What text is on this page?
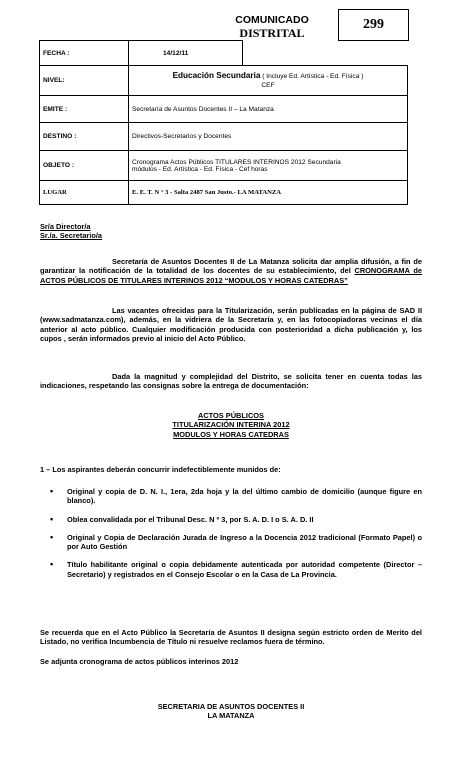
COMUNICADO
DISTRITAL
299
FECHA :	14/12/11	
NIVEL:	Educación Secundaria ( Incluye Ed. Artística - Ed. Física )
CEF	
EMITE :	Secretaría de Asuntos Docentes II – La Matanza	
DESTINO :	Directivos-Secretarios y Docentes	
OBJETO :	Cronograma Actos Públicos TITULARES INTERINOS 2012 Secundaria
módulos - Ed. Artística - Ed. Física - Cef horas	

LUGAR	E. E. T. N ° 3 - Salta 2487 San Justo.- LA MATANZA	
Sr/a Director/a
Sr./a. Secretario/a
Secretaría de Asuntos Docentes II de La Matanza solicita dar amplia difusión, a fin de garantizar la notificación de la totalidad de los docentes de su establecimiento, del CRONOGRAMA de ACTOS PÚBLICOS DE TITULARES INTERINOS 2012 “MODULOS Y HORAS CATEDRAS”
Las vacantes ofrecidas para la Titularización, serán publicadas en la página de SAD II (www.sadmatanza.com), además, en la vidriera de la Secretaría y, en las fotocopiadoras vecinas el día anterior al acto público. Cualquier modificación producida con posterioridad a dicha publicación y, los cupos , serán informados previo al inicio del Acto Público.
Dada la magnitud y complejidad del Distrito, se solicita tener en cuenta todas las indicaciones, respetando las consignas sobre la entrega de documentación:
ACTOS PÚBLICOS
TITULARIZACIÓN INTERINA 2012
MODULOS Y HORAS CATEDRAS
1 – Los aspirantes deberán concurrir indefectiblemente munidos de:
• Original y copia de D. N. I., 1era, 2da hoja y la del último cambio de domicilio (aunque figure en blanco).
• Oblea convalidada por el Tribunal Desc. N º 3, por S. A. D. I o S. A. D. II
• Original y Copia de Declaración Jurada de Ingreso a la Docencia 2012 tradicional (Formato Papel) o por Auto Gestión
• Título habilitante original o copia debidamente autenticada por autoridad competente (Director – Secretario) y registrados en el Consejo Escolar o en la Casa de La Provincia.
Se recuerda que en el Acto Público la Secretaría de Asuntos II designa según estricto orden de Merito del Listado, no verifica Incumbencia de Título ni resuelve reclamos fuera de término.
Se adjunta cronograma de actos públicos interinos 2012
SECRETARIA DE ASUNTOS DOCENTES II
LA MATANZA
